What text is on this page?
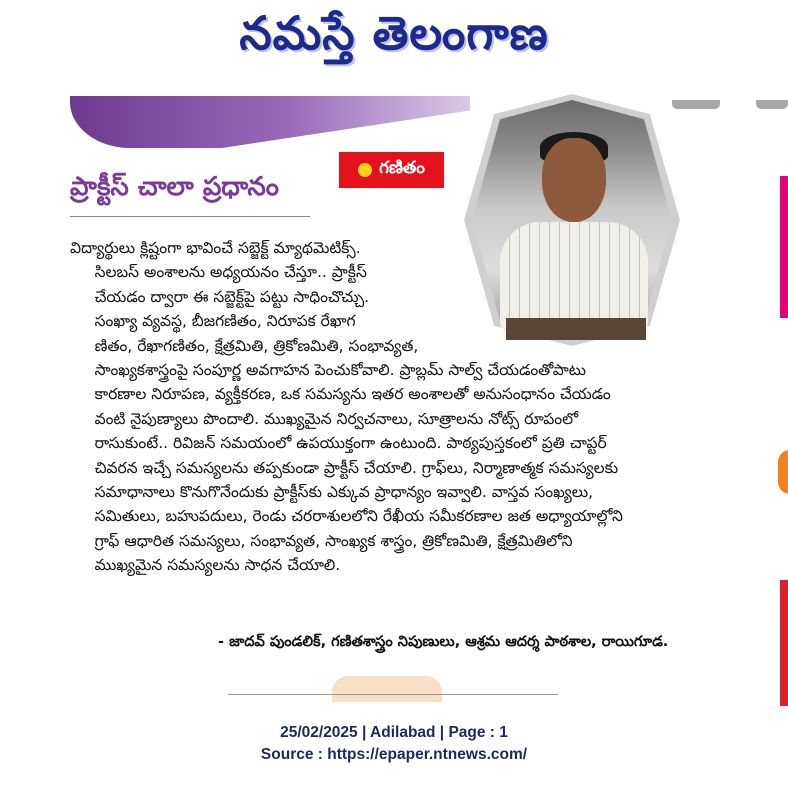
నమస్తే తెలంగాణ
గణితం
ప్రాక్టీస్ చాలా ప్రధానం
విద్యార్థులు క్లిష్టంగా భావించే సబ్జెక్ట్ మ్యాథమెటిక్స్.
సిలబస్ అంశాలను అధ్యయనం చేస్తూ.. ప్రాక్టీస్
చేయడం ద్వారా ఈ సబ్జెక్ట్‌పై పట్టు సాధించొచ్చు.
సంఖ్యా వ్యవస్థ, బీజగణితం, నిరూపక రేఖాగ
ణితం, రేఖాగణితం, క్షేత్రమితి, త్రికోణమితి, సంభావ్యత,
సాంఖ్యకశాస్త్రంపై సంపూర్ణ అవగాహన పెంచుకోవాలి. ప్రాబ్లమ్ సాల్వ్ చేయడంతోపాటు
కారణాల నిరూపణ, వ్యక్తీకరణ, ఒక సమస్యను ఇతర అంశాలతో అనుసంధానం చేయడం
వంటి నైపుణ్యాలు పొందాలి. ముఖ్యమైన నిర్వచనాలు, సూత్రాలను నోట్స్ రూపంలో
రాసుకుంటే.. రివిజన్ సమయంలో ఉపయుక్తంగా ఉంటుంది. పాఠ్యపుస్తకంలో ప్రతి చాప్టర్
చివరన ఇచ్చే సమస్యలను తప్పకుండా ప్రాక్టీస్ చేయాలి. గ్రాఫ్‌లు, నిర్మాణాత్మక సమస్యలకు
సమాధానాలు కొనుగొనేందుకు ప్రాక్టీస్‌కు ఎక్కువ ప్రాధాన్యం ఇవ్వాలి. వాస్తవ సంఖ్యలు,
సమితులు, బహుపదులు, రెండు చరరాశులలోని రేఖీయ సమీకరణాల జత అధ్యాయాల్లోని
గ్రాఫ్ ఆధారిత సమస్యలు, సంభావ్యత, సాంఖ్యక శాస్త్రం, త్రికోణమితి, క్షేత్రమితిలోని
ముఖ్యమైన సమస్యలను సాధన చేయాలి.
- జాదవ్ పుండలిక్, గణితశాస్త్రం నిపుణులు, ఆశ్రమ ఆదర్శ పాఠశాల, రాయిగూడ.
25/02/2025 | Adilabad | Page : 1
Source : https://epaper.ntnews.com/
